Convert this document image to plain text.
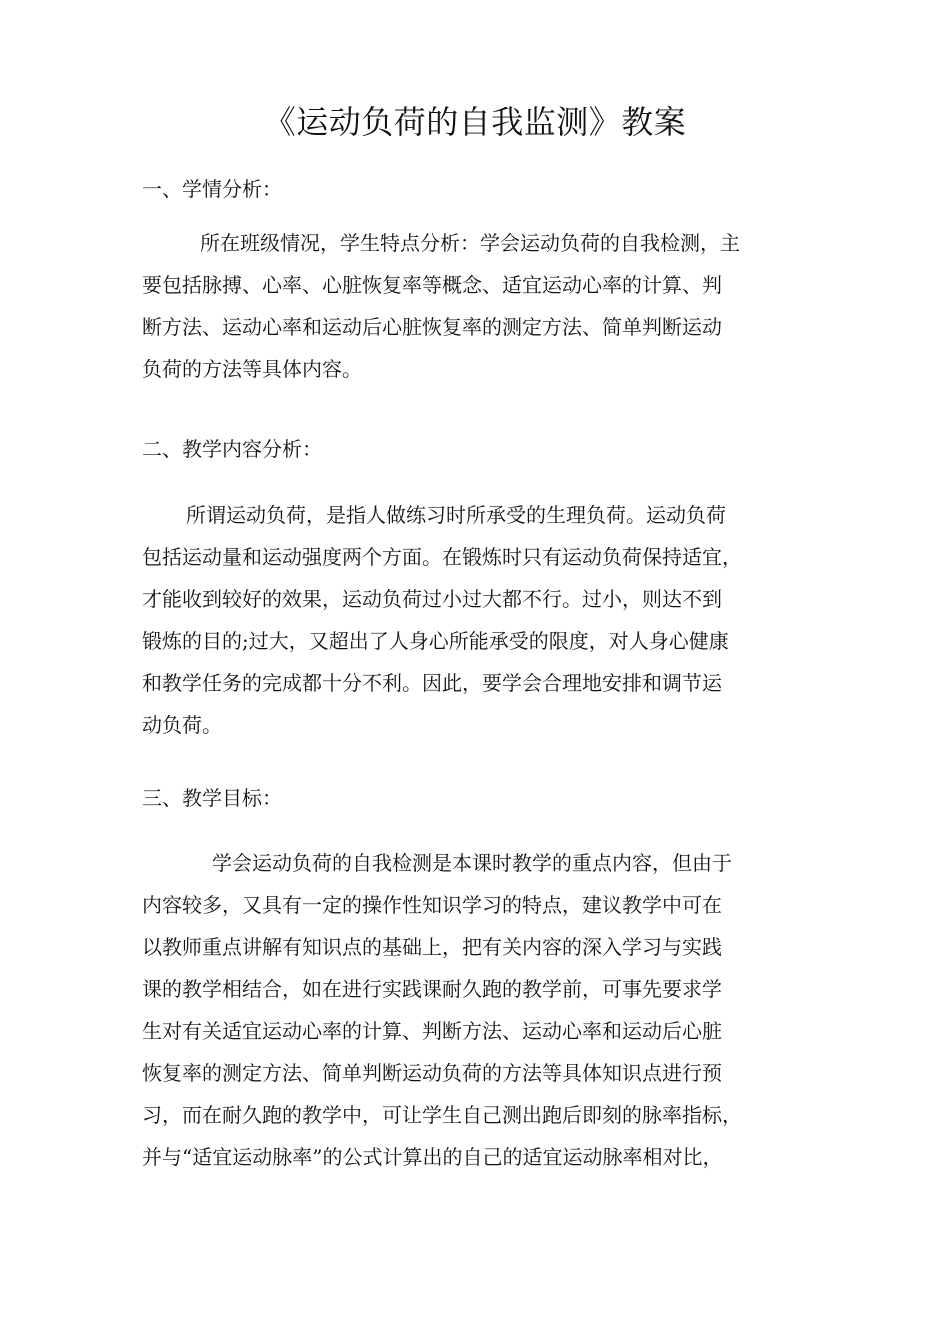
《运动负荷的自我监测》教案
一、学情分析：
所在班级情况，学生特点分析：学会运动负荷的自我检测，主
要包括脉搏、心率、心脏恢复率等概念、适宜运动心率的计算、判
断方法、运动心率和运动后心脏恢复率的测定方法、简单判断运动
负荷的方法等具体内容。
二、教学内容分析：
所谓运动负荷，是指人做练习时所承受的生理负荷。运动负荷
包括运动量和运动强度两个方面。在锻炼时只有运动负荷保持适宜，
才能收到较好的效果，运动负荷过小过大都不行。过小，则达不到
锻炼的目的;过大，又超出了人身心所能承受的限度，对人身心健康
和教学任务的完成都十分不利。因此，要学会合理地安排和调节运
动负荷。
三、教学目标：
学会运动负荷的自我检测是本课时教学的重点内容，但由于
内容较多，又具有一定的操作性知识学习的特点，建议教学中可在
以教师重点讲解有知识点的基础上，把有关内容的深入学习与实践
课的教学相结合，如在进行实践课耐久跑的教学前，可事先要求学
生对有关适宜运动心率的计算、判断方法、运动心率和运动后心脏
恢复率的测定方法、简单判断运动负荷的方法等具体知识点进行预
习，而在耐久跑的教学中，可让学生自己测出跑后即刻的脉率指标，
并与“适宜运动脉率”的公式计算出的自己的适宜运动脉率相对比，
